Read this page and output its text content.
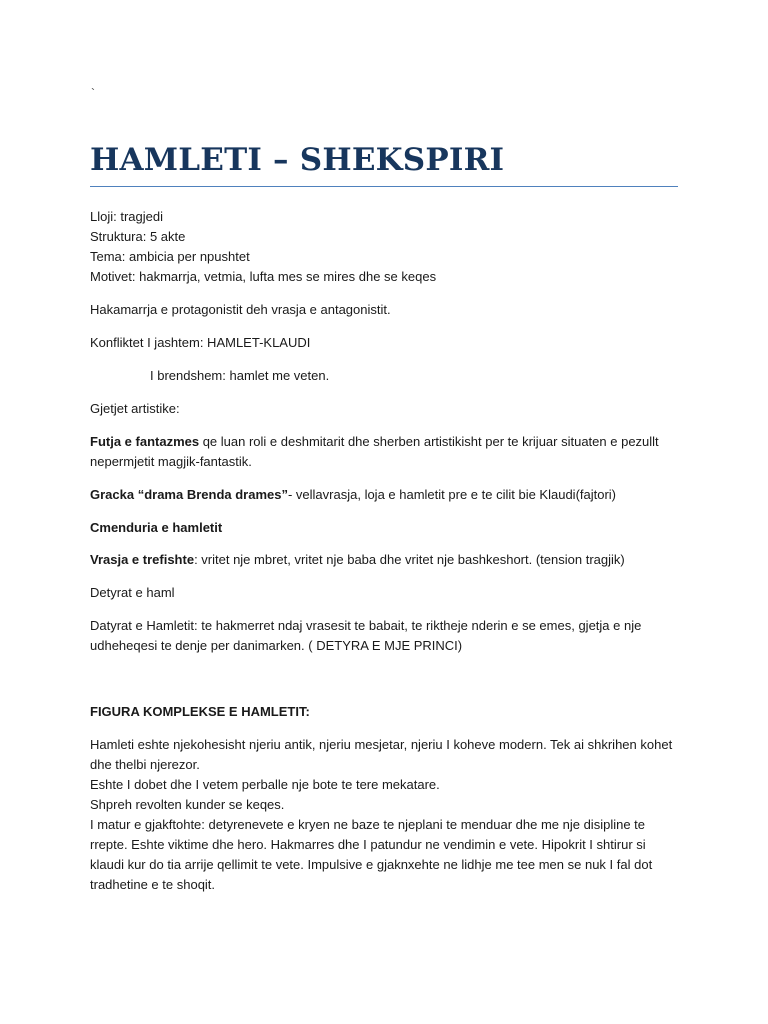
`
HAMLETI – SHEKSPIRI
Lloji: tragjedi
Struktura: 5 akte
Tema: ambicia per npushtet
Motivet: hakmarrja, vetmia, lufta mes se mires dhe se keqes
Hakamarrja e protagonistit deh vrasja e antagonistit.
Konfliktet I jashtem: HAMLET-KLAUDI
I brendshem: hamlet me veten.
Gjetjet artistike:
Futja e fantazmes qe luan roli e deshmitarit dhe sherben artistikisht per te krijuar situaten e pezullt nepermjetit magjik-fantastik.
Gracka “drama Brenda drames”- vellavrasja, loja e hamletit pre e te cilit bie Klaudi(fajtori)
Cmenduria e hamletit
Vrasja e trefishte: vritet nje mbret, vritet nje baba dhe vritet nje bashkeshort. (tension tragjik)
Detyrat e haml
Datyrat e Hamletit: te hakmerret ndaj vrasesit te babait, te riktheje nderin e se emes, gjetja e nje udheheqesi te denje per danimarken. ( DETYRA E MJE PRINCI)
FIGURA KOMPLEKSE E HAMLETIT:
Hamleti eshte njekohesisht njeriu antik, njeriu mesjetar, njeriu I koheve modern. Tek ai shkrihen kohet dhe thelbi njerezor.
Eshte I dobet dhe I vetem perballe nje bote te tere mekatare.
Shpreh revolten kunder se keqes.
I matur e gjakftohte: detyrenevete e kryen ne baze te njeplani te menduar dhe me nje disipline te rrepte. Eshte viktime dhe hero. Hakmarres dhe I patundur ne vendimin e vete. Hipokrit I shtirur si klaudi kur do tia arrije qellimit te vete. Impulsive e gjaknxehte ne lidhje me tee men se nuk I fal dot tradhetine e te shoqit.
